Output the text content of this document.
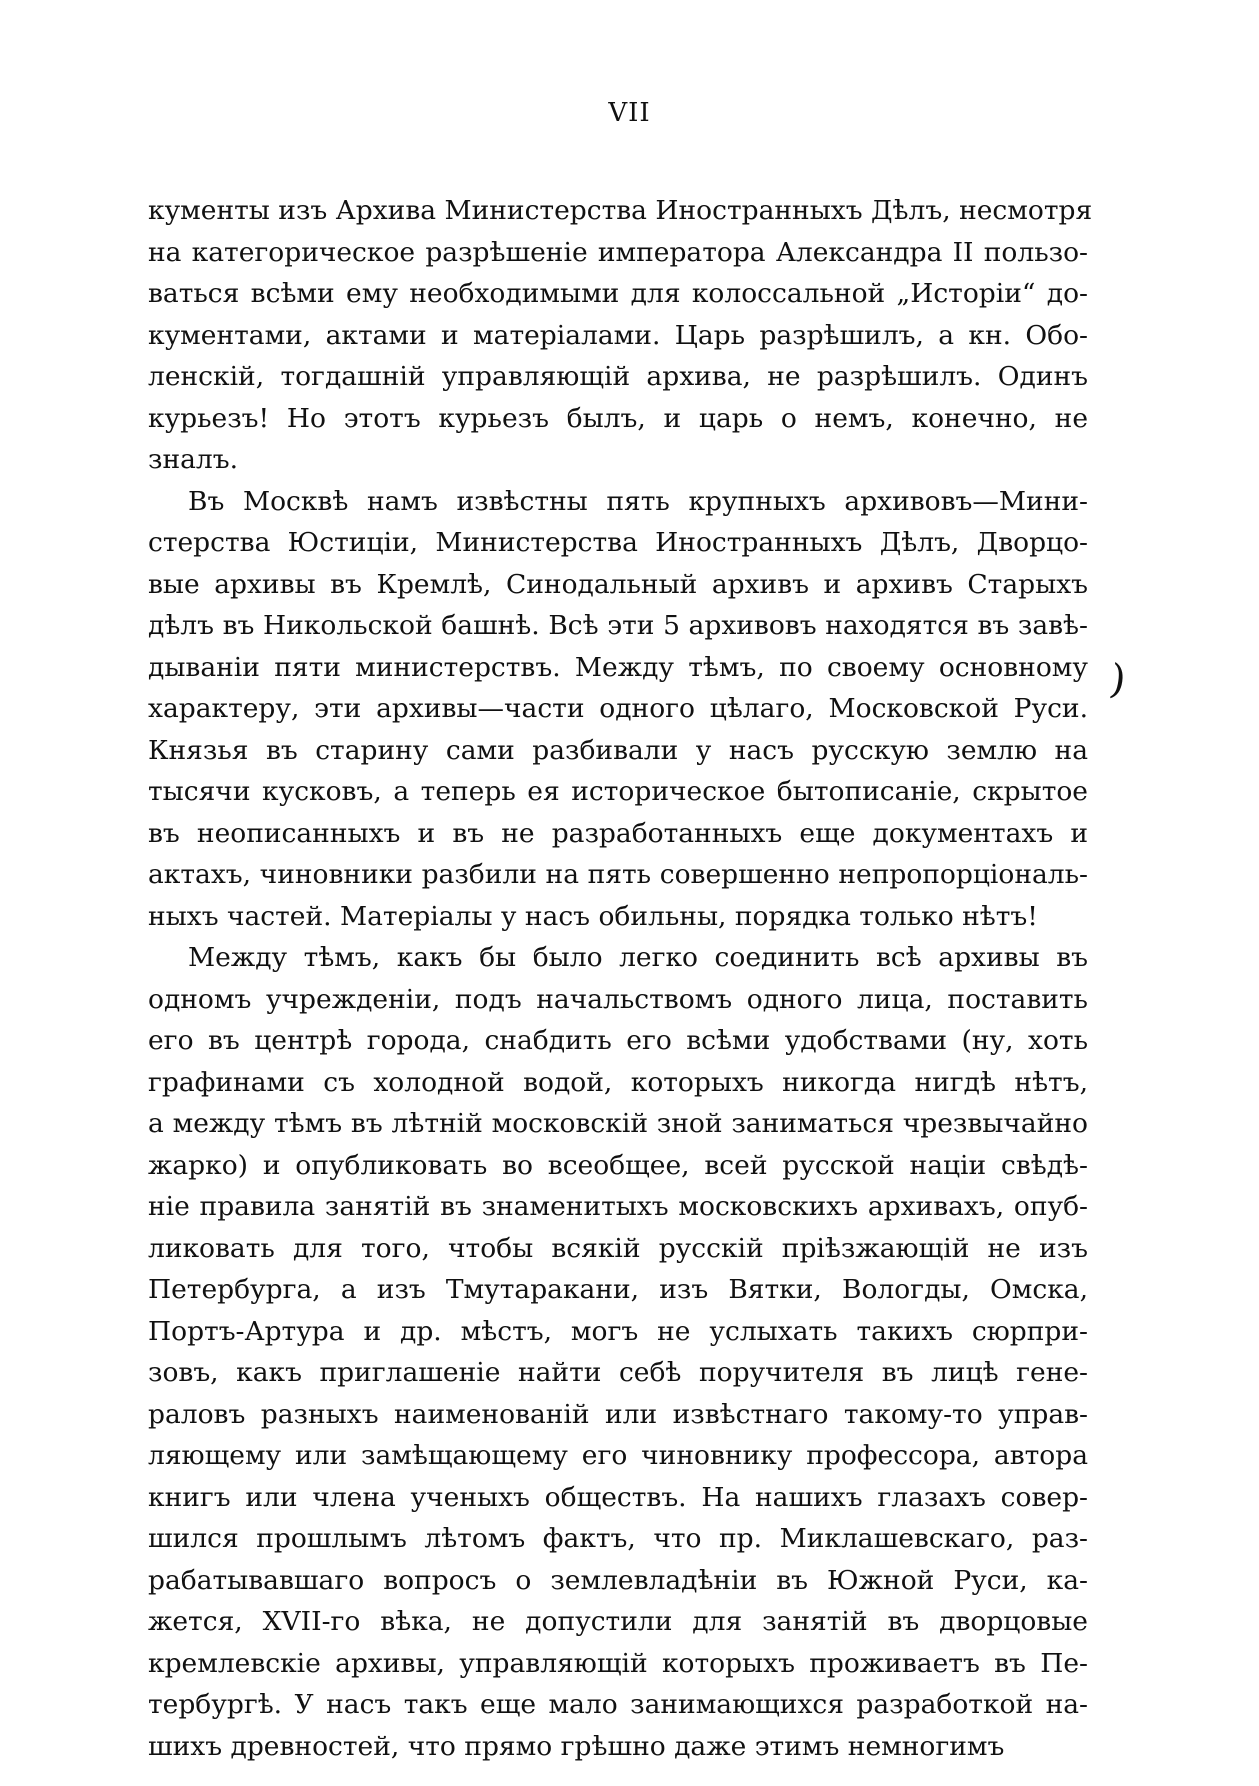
VII
кументы изъ Архива Министерства Иностранныхъ Дѣлъ, несмотря
на категорическое разрѣшеніе императора Александра II пользо-
ваться всѣми ему необходимыми для колоссальной „Исторіи“ до-
кументами, актами и матеріалами. Царь разрѣшилъ, а кн. Обо-
ленскій, тогдашній управляющій архива, не разрѣшилъ. Одинъ
курьезъ! Но этотъ курьезъ былъ, и царь о немъ, конечно, не
зналъ.
Въ Москвѣ намъ извѣстны пять крупныхъ архивовъ—Мини-
стерства Юстиціи, Министерства Иностранныхъ Дѣлъ, Дворцо-
вые архивы въ Кремлѣ, Синодальный архивъ и архивъ Старыхъ
дѣлъ въ Никольской башнѣ. Всѣ эти 5 архивовъ находятся въ завѣ-
дываніи пяти министерствъ. Между тѣмъ, по своему основному
характеру, эти архивы—части одного цѣлаго, Московской Руси.
Князья въ старину сами разбивали у насъ русскую землю на
тысячи кусковъ, а теперь ея историческое бытописаніе, скрытое
въ неописанныхъ и въ не разработанныхъ еще документахъ и
актахъ, чиновники разбили на пять совершенно непропорціональ-
ныхъ частей. Матеріалы у насъ обильны, порядка только нѣтъ!
Между тѣмъ, какъ бы было легко соединить всѣ архивы въ
одномъ учрежденіи, подъ начальствомъ одного лица, поставить
его въ центрѣ города, снабдить его всѣми удобствами (ну, хоть
графинами съ холодной водой, которыхъ никогда нигдѣ нѣтъ,
а между тѣмъ въ лѣтній московскій зной заниматься чрезвычайно
жарко) и опубликовать во всеобщее, всей русской націи свѣдѣ-
ніе правила занятій въ знаменитыхъ московскихъ архивахъ, опуб-
ликовать для того, чтобы всякій русскій пріѣзжающій не изъ
Петербурга, а изъ Тмутаракани, изъ Вятки, Вологды, Омска,
Портъ-Артура и др. мѣстъ, могъ не услыхать такихъ сюрпри-
зовъ, какъ приглашеніе найти себѣ поручителя въ лицѣ гене-
раловъ разныхъ наименованій или извѣстнаго такому-то управ-
ляющему или замѣщающему его чиновнику профессора, автора
книгъ или члена ученыхъ обществъ. На нашихъ глазахъ совер-
шился прошлымъ лѣтомъ фактъ, что пр. Миклашевскаго, раз-
рабатывавшаго вопросъ о землевладѣніи въ Южной Руси, ка-
жется, XVII-го вѣка, не допустили для занятій въ дворцовые
кремлевскіе архивы, управляющій которыхъ проживаетъ въ Пе-
тербургѣ. У насъ такъ еще мало занимающихся разработкой на-
шихъ древностей, что прямо грѣшно даже этимъ немногимъ
)
